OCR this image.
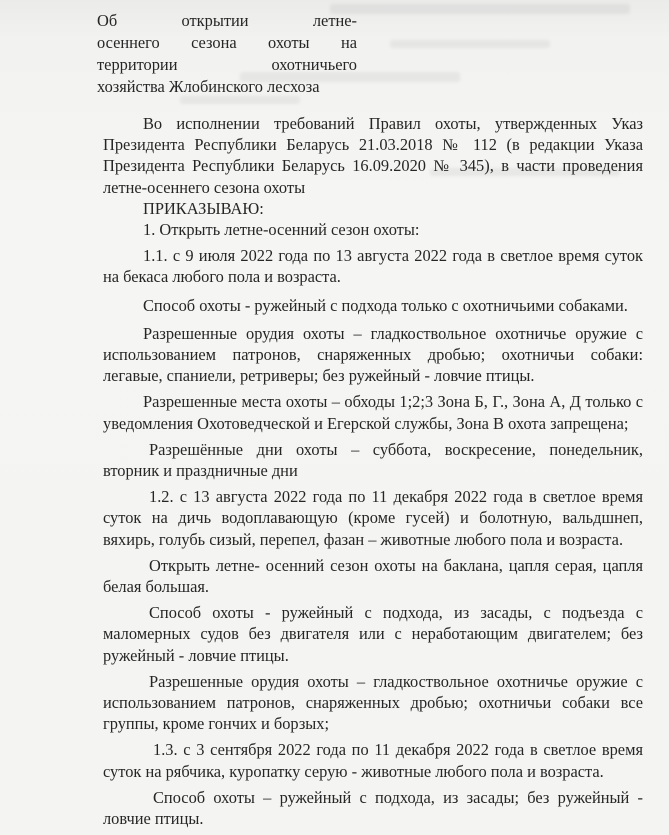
Об открытии летне-
осеннего сезона охоты на
территории охотничьего
хозяйства Жлобинского лесхоза

Во исполнении требований Правил охоты, утвержденных Указ Президента Республики Беларусь 21.03.2018 № 112 (в редакции Указа Президента Республики Беларусь 16.09.2020 № 345), в части проведения летне-осеннего сезона охоты

ПРИКАЗЫВАЮ:

1. Открыть летне-осенний сезон охоты:

1.1. с 9 июля 2022 года по 13 августа 2022 года в светлое время суток на бекаса любого пола и возраста.

Способ охоты - ружейный с подхода только с охотничьими собаками.

Разрешенные орудия охоты – гладкоствольное охотничье оружие с использованием патронов, снаряженных дробью; охотничьи собаки: легавые, спаниели, ретриверы; без ружейный - ловчие птицы.

Разрешенные места охоты – обходы 1;2;3 Зона Б, Г., Зона А, Д только с уведомления Охотоведческой и Егерской службы, Зона В охота запрещена;

Разрешённые дни охоты – суббота, воскресение, понедельник, вторник и праздничные дни

1.2. с 13 августа 2022 года по 11 декабря 2022 года в светлое время суток на дичь водоплавающую (кроме гусей) и болотную, вальдшнеп, вяхирь, голубь сизый, перепел, фазан – животные любого пола и возраста.

Открыть летне- осенний сезон охоты на баклана, цапля серая, цапля белая большая.

Способ охоты - ружейный с подхода, из засады, с подъезда с маломерных судов без двигателя или с неработающим двигателем; без ружейный - ловчие птицы.

Разрешенные орудия охоты – гладкоствольное охотничье оружие с использованием патронов, снаряженных дробью; охотничьи собаки все группы, кроме гончих и борзых;

1.3. с 3 сентября 2022 года по 11 декабря 2022 года в светлое время суток на рябчика, куропатку серую - животные любого пола и возраста.

Способ охоты – ружейный с подхода, из засады; без ружейный - ловчие птицы.
